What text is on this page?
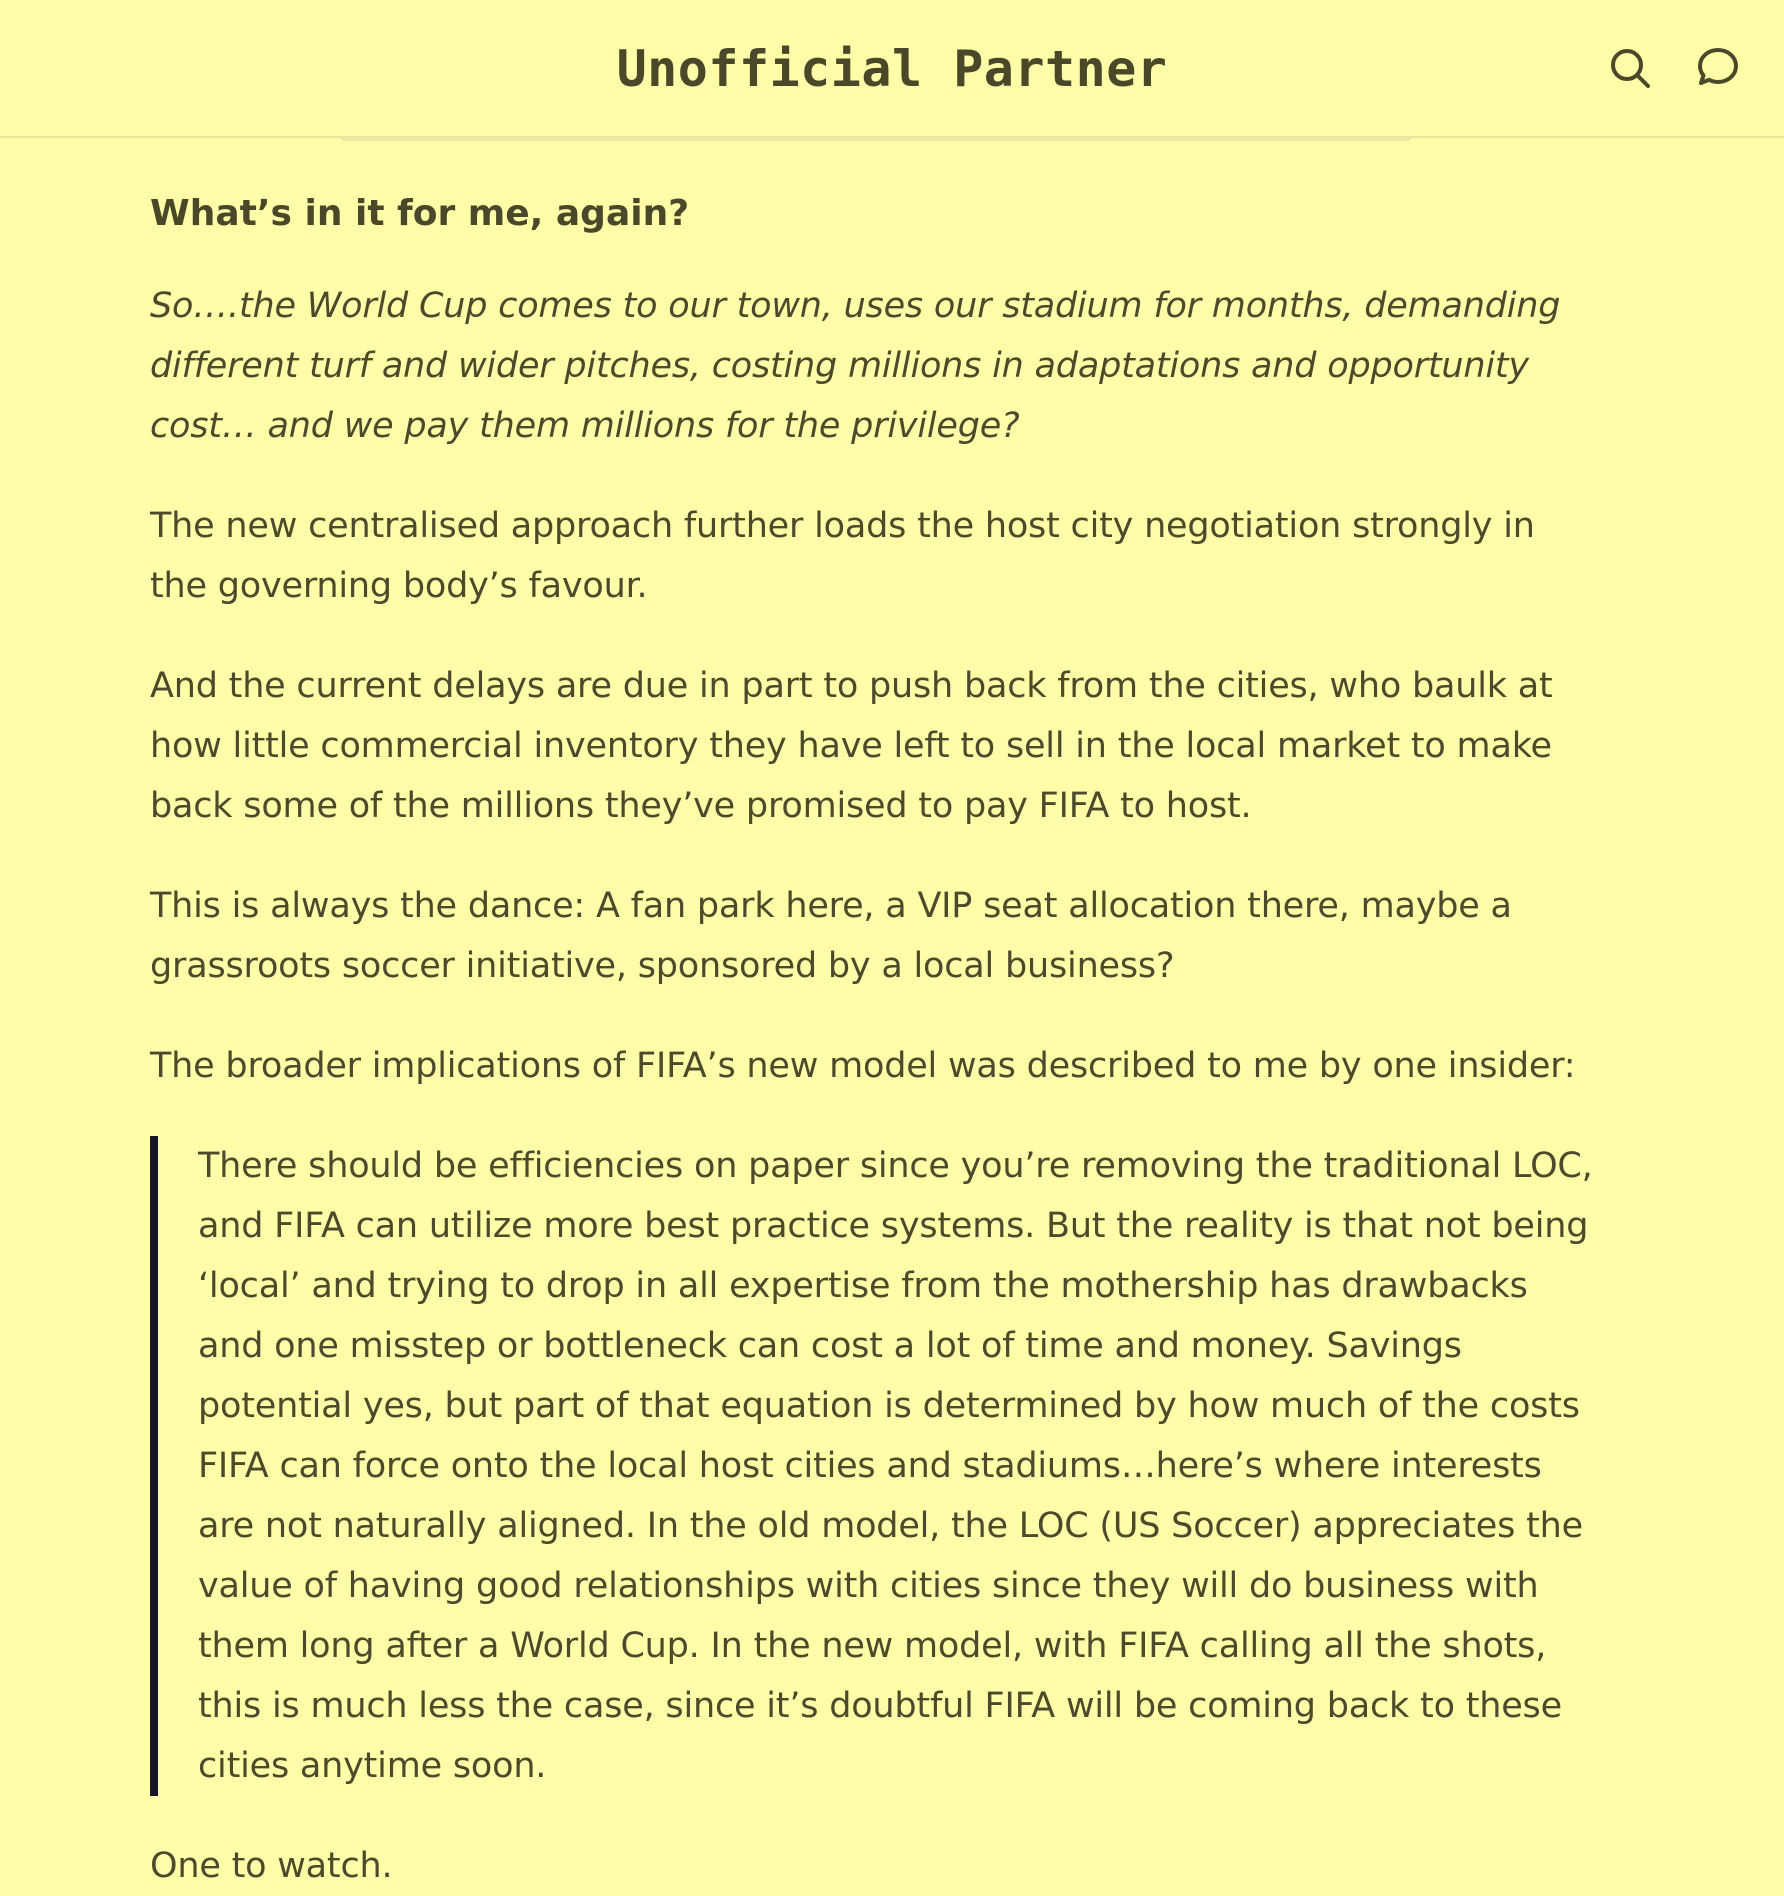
Unofficial Partner

What’s in it for me, again?

So….the World Cup comes to our town, uses our stadium for months, demanding different turf and wider pitches, costing millions in adaptations and opportunity cost… and we pay them millions for the privilege?

The new centralised approach further loads the host city negotiation strongly in the governing body’s favour.

And the current delays are due in part to push back from the cities, who baulk at how little commercial inventory they have left to sell in the local market to make back some of the millions they’ve promised to pay FIFA to host.

This is always the dance: A fan park here, a VIP seat allocation there, maybe a grassroots soccer initiative, sponsored by a local business?

The broader implications of FIFA’s new model was described to me by one insider:

There should be efficiencies on paper since you’re removing the traditional LOC, and FIFA can utilize more best practice systems. But the reality is that not being ‘local’ and trying to drop in all expertise from the mothership has drawbacks and one misstep or bottleneck can cost a lot of time and money. Savings potential yes, but part of that equation is determined by how much of the costs FIFA can force onto the local host cities and stadiums…here’s where interests are not naturally aligned. In the old model, the LOC (US Soccer) appreciates the value of having good relationships with cities since they will do business with them long after a World Cup. In the new model, with FIFA calling all the shots, this is much less the case, since it’s doubtful FIFA will be coming back to these cities anytime soon.

One to watch.
